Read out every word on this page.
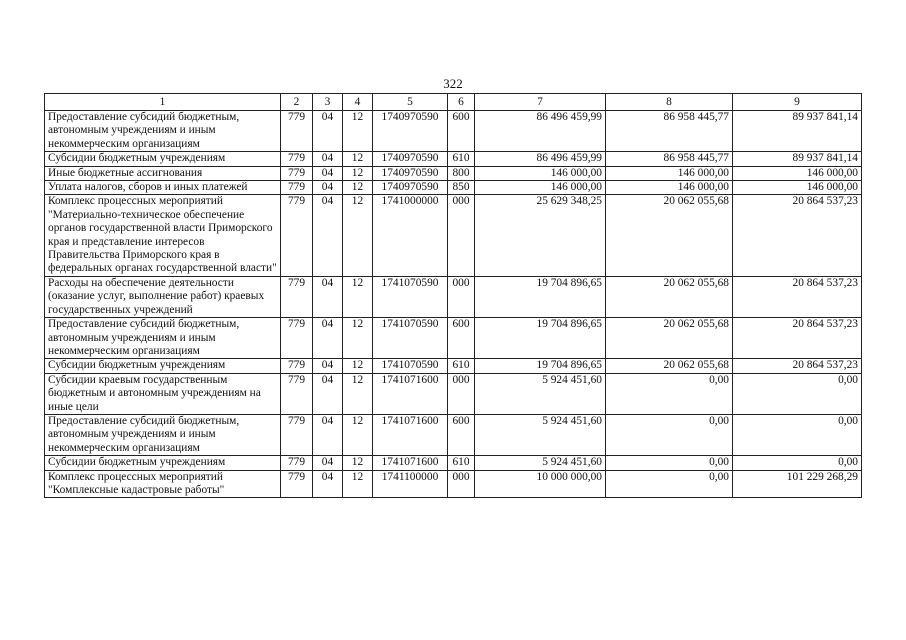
322
1	2	3	4	5	6	7	8	9
Предоставление субсидий бюджетным, автономным учреждениям и иным некоммерческим организациям	779	04	12	1740970590	600	86 496 459,99	86 958 445,77	89 937 841,14
Субсидии бюджетным учреждениям	779	04	12	1740970590	610	86 496 459,99	86 958 445,77	89 937 841,14
Иные бюджетные ассигнования	779	04	12	1740970590	800	146 000,00	146 000,00	146 000,00
Уплата налогов, сборов и иных платежей	779	04	12	1740970590	850	146 000,00	146 000,00	146 000,00
Комплекс процессных мероприятий "Материально-техническое обеспечение органов государственной власти Приморского края и представление интересов Правительства Приморского края в федеральных органах государственной власти"	779	04	12	1741000000	000	25 629 348,25	20 062 055,68	20 864 537,23
Расходы на обеспечение деятельности (оказание услуг, выполнение работ) краевых государственных учреждений	779	04	12	1741070590	000	19 704 896,65	20 062 055,68	20 864 537,23
Предоставление субсидий бюджетным, автономным учреждениям и иным некоммерческим организациям	779	04	12	1741070590	600	19 704 896,65	20 062 055,68	20 864 537,23
Субсидии бюджетным учреждениям	779	04	12	1741070590	610	19 704 896,65	20 062 055,68	20 864 537,23
Субсидии краевым государственным бюджетным и автономным учреждениям на иные цели	779	04	12	1741071600	000	5 924 451,60	0,00	0,00
Предоставление субсидий бюджетным, автономным учреждениям и иным некоммерческим организациям	779	04	12	1741071600	600	5 924 451,60	0,00	0,00
Субсидии бюджетным учреждениям	779	04	12	1741071600	610	5 924 451,60	0,00	0,00
Комплекс процессных мероприятий "Комплексные кадастровые работы"	779	04	12	1741100000	000	10 000 000,00	0,00	101 229 268,29
